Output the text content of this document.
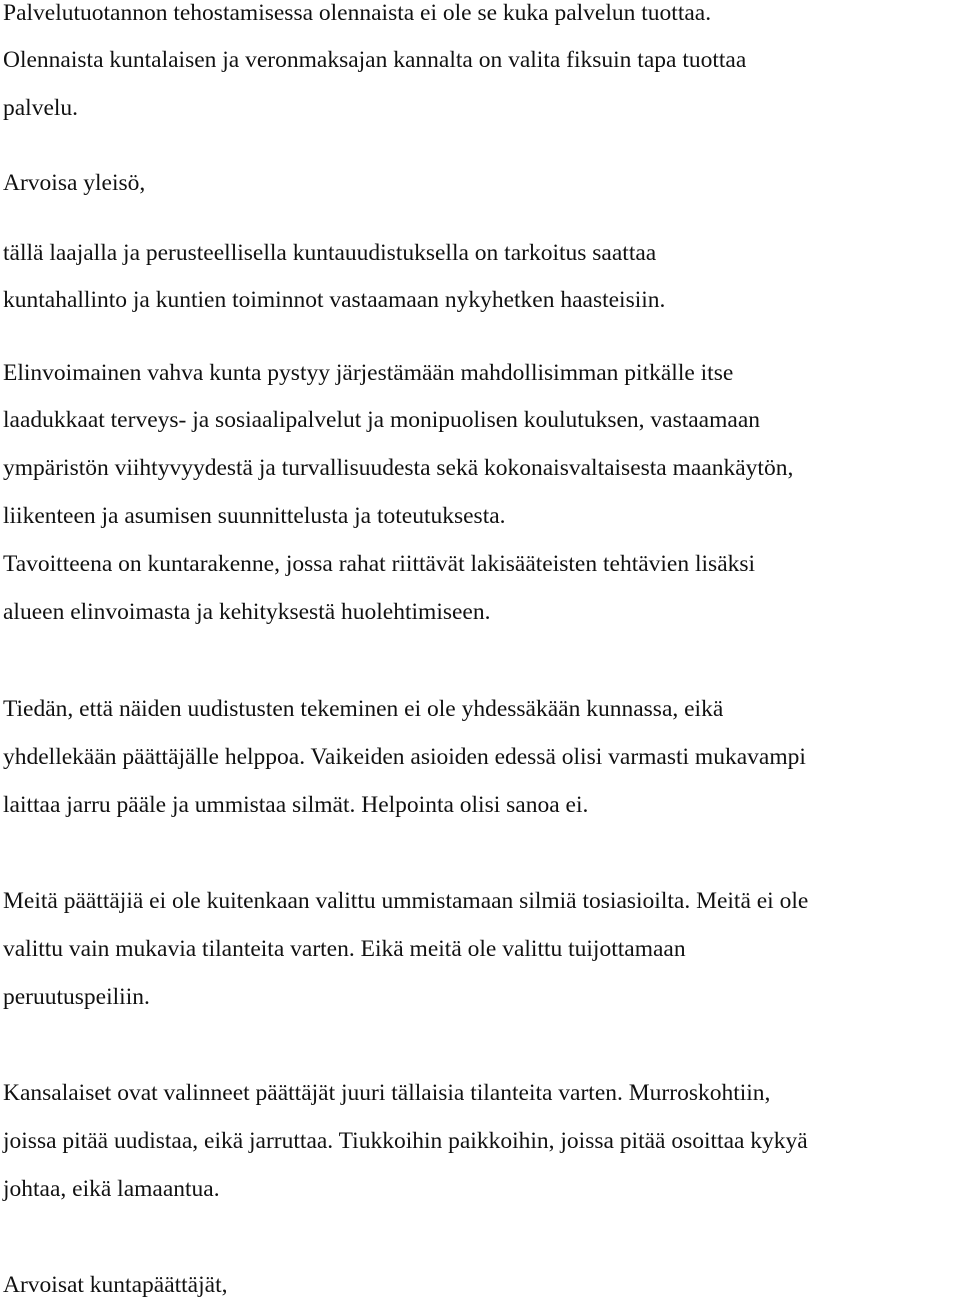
Palvelutuotannon tehostamisessa olennaista ei ole se kuka palvelun tuottaa.
Olennaista kuntalaisen ja veronmaksajan kannalta on valita fiksuin tapa tuottaa
palvelu.
Arvoisa yleisö,
tällä laajalla ja perusteellisella kuntauudistuksella on tarkoitus saattaa
kuntahallinto ja kuntien toiminnot vastaamaan nykyhetken haasteisiin.
Elinvoimainen vahva kunta pystyy järjestämään mahdollisimman pitkälle itse
laadukkaat terveys- ja sosiaalipalvelut ja monipuolisen koulutuksen, vastaamaan
ympäristön viihtyvyydestä ja turvallisuudesta sekä kokonaisvaltaisesta maankäytön,
liikenteen ja asumisen suunnittelusta ja toteutuksesta.
Tavoitteena on kuntarakenne, jossa rahat riittävät lakisääteisten tehtävien lisäksi
alueen elinvoimasta ja kehityksestä huolehtimiseen.
Tiedän, että näiden uudistusten tekeminen ei ole yhdessäkään kunnassa, eikä
yhdellekään päättäjälle helppoa. Vaikeiden asioiden edessä olisi varmasti mukavampi
laittaa jarru pääle ja ummistaa silmät. Helpointa olisi sanoa ei.
Meitä päättäjiä ei ole kuitenkaan valittu ummistamaan silmiä tosiasioilta. Meitä ei ole
valittu vain mukavia tilanteita varten. Eikä meitä ole valittu tuijottamaan
peruutuspeiliin.
Kansalaiset ovat valinneet päättäjät juuri tällaisia tilanteita varten. Murroskohtiin,
joissa pitää uudistaa, eikä jarruttaa. Tiukkoihin paikkoihin, joissa pitää osoittaa kykyä
johtaa, eikä lamaantua.
Arvoisat kuntapäättäjät,
